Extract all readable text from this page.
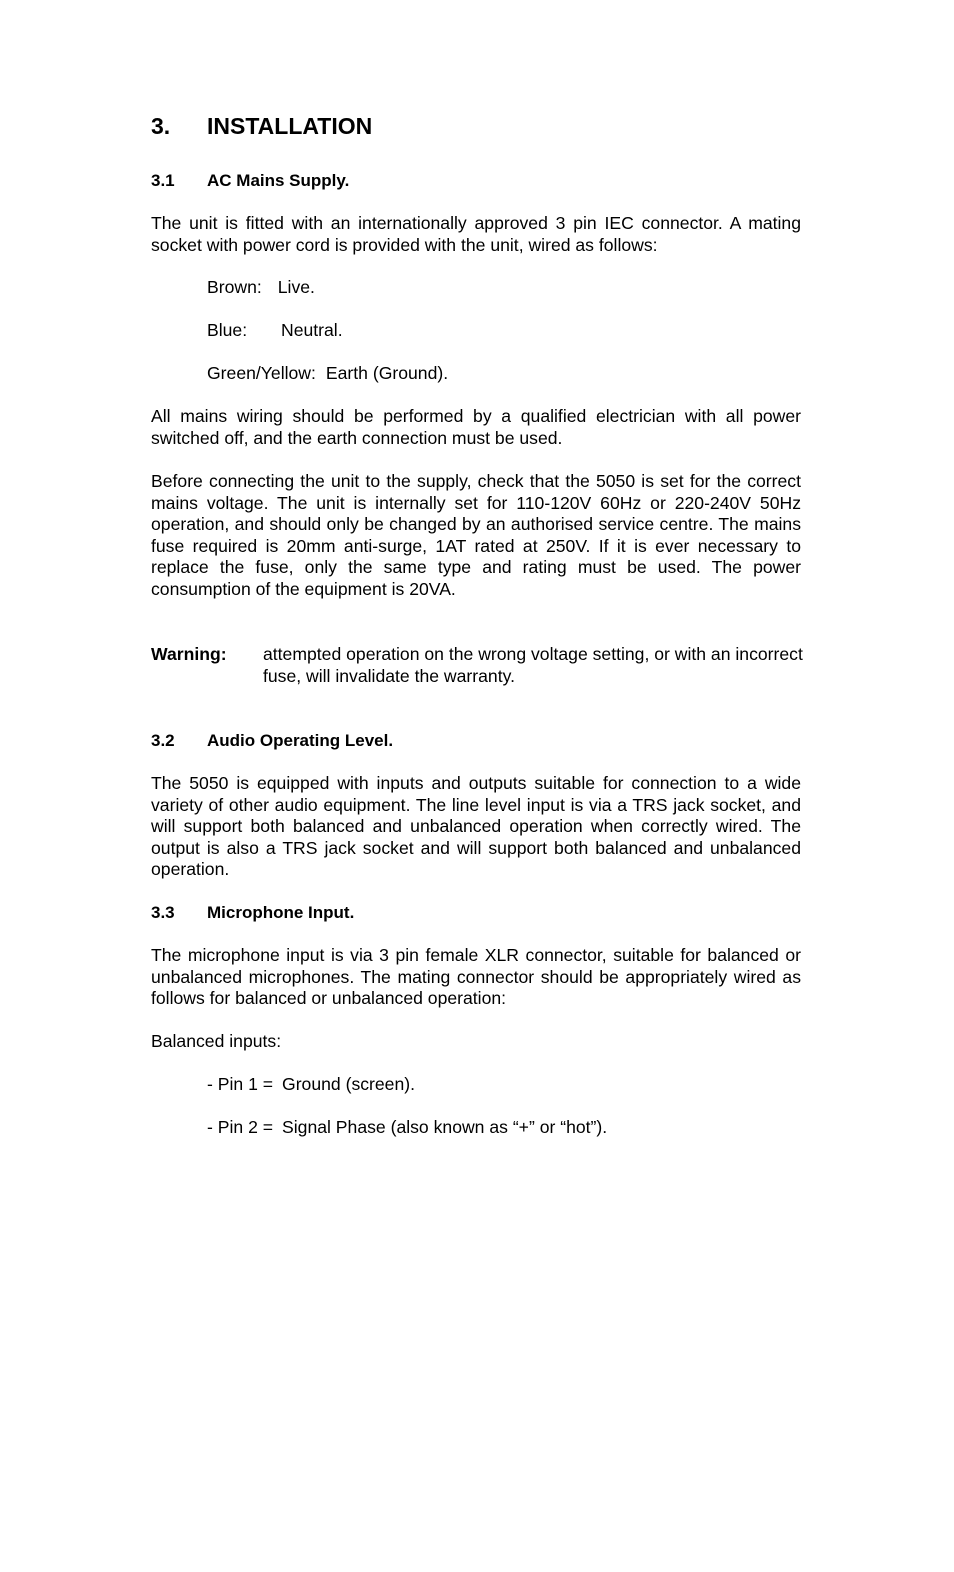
3. INSTALLATION
3.1 AC Mains Supply.

The unit is fitted with an internationally approved 3 pin IEC connector. A mating socket with power cord is provided with the unit, wired as follows:

Brown: Live.
Blue: Neutral.
Green/Yellow: Earth (Ground).

All mains wiring should be performed by a qualified electrician with all power switched off, and the earth connection must be used.

Before connecting the unit to the supply, check that the 5050 is set for the correct mains voltage. The unit is internally set for 110-120V 60Hz or 220-240V 50Hz operation, and should only be changed by an authorised service centre. The mains fuse required is 20mm anti-surge, 1AT rated at 250V. If it is ever necessary to replace the fuse, only the same type and rating must be used. The power consumption of the equipment is 20VA.

Warning: attempted operation on the wrong voltage setting, or with an incorrect fuse, will invalidate the warranty.

3.2 Audio Operating Level.

The 5050 is equipped with inputs and outputs suitable for connection to a wide variety of other audio equipment. The line level input is via a TRS jack socket, and will support both balanced and unbalanced operation when correctly wired. The output is also a TRS jack socket and will support both balanced and unbalanced operation.

3.3 Microphone Input.

The microphone input is via 3 pin female XLR connector, suitable for balanced or unbalanced microphones. The mating connector should be appropriately wired as follows for balanced or unbalanced operation:

Balanced inputs:
- Pin 1 = Ground (screen).
- Pin 2 = Signal Phase (also known as “+” or “hot”).
